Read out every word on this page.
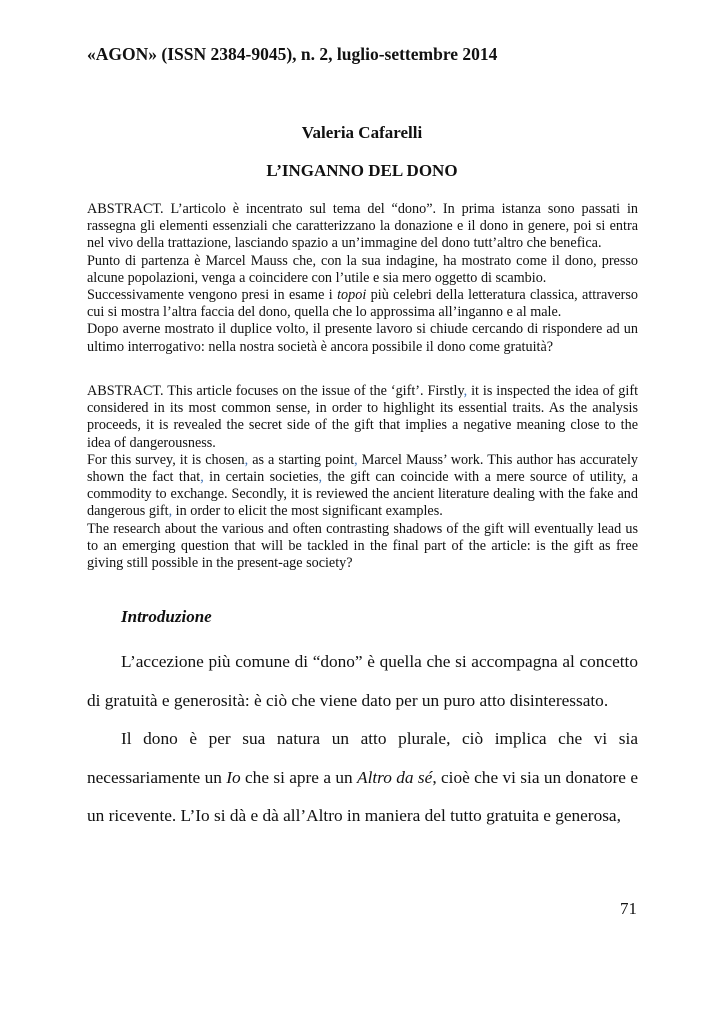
«AGON» (ISSN 2384-9045), n. 2, luglio-settembre 2014
Valeria Cafarelli
L’INGANNO DEL DONO

ABSTRACT. L’articolo è incentrato sul tema del “dono”. In prima istanza sono passati in rassegna gli elementi essenziali che caratterizzano la donazione e il dono in genere, poi si entra nel vivo della trattazione, lasciando spazio a un’immagine del dono tutt’altro che benefica.

Punto di partenza è Marcel Mauss che, con la sua indagine, ha mostrato come il dono, presso alcune popolazioni, venga a coincidere con l’utile e sia mero oggetto di scambio.

Successivamente vengono presi in esame i topoi più celebri della letteratura classica, attraverso cui si mostra l’altra faccia del dono, quella che lo approssima all’inganno e al male.

Dopo averne mostrato il duplice volto, il presente lavoro si chiude cercando di rispondere ad un ultimo interrogativo: nella nostra società è ancora possibile il dono come gratuità?

ABSTRACT. This article focuses on the issue of the ‘gift’. Firstly, it is inspected the idea of gift considered in its most common sense, in order to highlight its essential traits. As the analysis proceeds, it is revealed the secret side of the gift that implies a negative meaning close to the idea of dangerousness.

For this survey, it is chosen, as a starting point, Marcel Mauss’ work. This author has accurately shown the fact that, in certain societies, the gift can coincide with a mere source of utility, a commodity to exchange. Secondly, it is reviewed the ancient literature dealing with the fake and dangerous gift, in order to elicit the most significant examples.

The research about the various and often contrasting shadows of the gift will eventually lead us to an emerging question that will be tackled in the final part of the article: is the gift as free giving still possible in the present-age society?

Introduzione

L’accezione più comune di “dono” è quella che si accompagna al concetto di gratuità e generosità: è ciò che viene dato per un puro atto disinteressato.

Il dono è per sua natura un atto plurale, ciò implica che vi sia necessariamente un Io che si apre a un Altro da sé, cioè che vi sia un donatore e un ricevente. L’Io si dà e dà all’Altro in maniera del tutto gratuita e generosa,

71
